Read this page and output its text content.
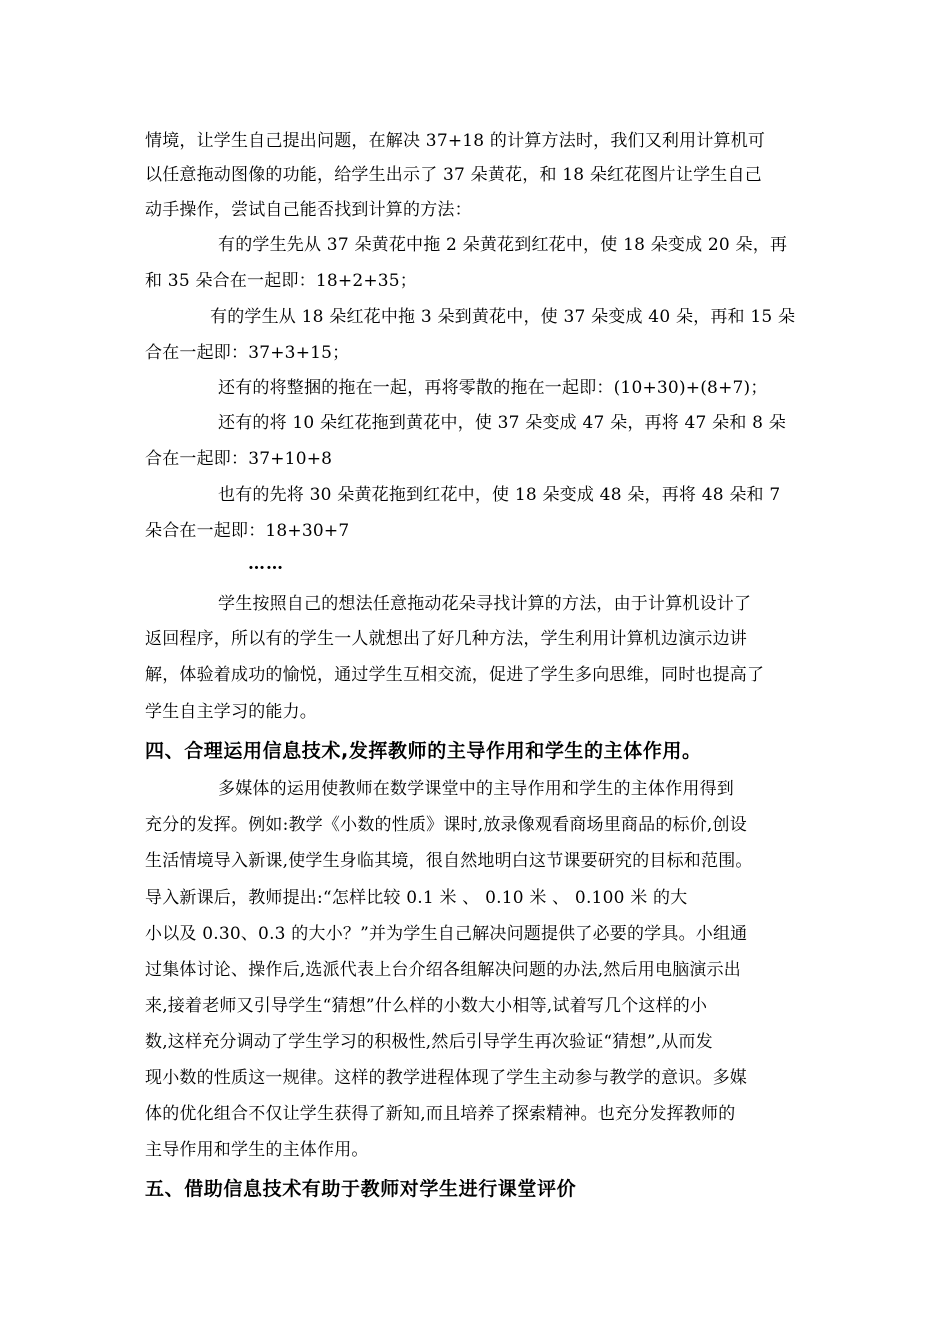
情境，让学生自己提出问题，在解决 37+18 的计算方法时，我们又利用计算机可
以任意拖动图像的功能，给学生出示了 37 朵黄花，和 18 朵红花图片让学生自己
动手操作，尝试自己能否找到计算的方法：
有的学生先从 37 朵黄花中拖 2 朵黄花到红花中，使 18 朵变成 20 朵，再
和 35 朵合在一起即：18+2+35；
有的学生从 18 朵红花中拖 3 朵到黄花中，使 37 朵变成 40 朵，再和 15 朵
合在一起即：37+3+15；
还有的将整捆的拖在一起，再将零散的拖在一起即：(10+30)+(8+7)；
还有的将 10 朵红花拖到黄花中，使 37 朵变成 47 朵，再将 47 朵和 8 朵
合在一起即：37+10+8
也有的先将 30 朵黄花拖到红花中，使 18 朵变成 48 朵，再将 48 朵和 7
朵合在一起即：18+30+7
……
学生按照自己的想法任意拖动花朵寻找计算的方法，由于计算机设计了
返回程序，所以有的学生一人就想出了好几种方法，学生利用计算机边演示边讲
解，体验着成功的愉悦，通过学生互相交流，促进了学生多向思维，同时也提高了
学生自主学习的能力。
四、合理运用信息技术,发挥教师的主导作用和学生的主体作用。
多媒体的运用使教师在数学课堂中的主导作用和学生的主体作用得到
充分的发挥。例如:教学《小数的性质》课时,放录像观看商场里商品的标价,创设
生活情境导入新课,使学生身临其境，很自然地明白这节课要研究的目标和范围。
导入新课后，教师提出:“怎样比较 0.1 米 、 0.10 米 、 0.100 米 的大
小以及 0.30、0.3 的大小？”并为学生自己解决问题提供了必要的学具。小组通
过集体讨论、操作后,选派代表上台介绍各组解决问题的办法,然后用电脑演示出
来,接着老师又引导学生“猜想”什么样的小数大小相等,试着写几个这样的小
数,这样充分调动了学生学习的积极性,然后引导学生再次验证“猜想”,从而发
现小数的性质这一规律。这样的教学进程体现了学生主动参与教学的意识。多媒
体的优化组合不仅让学生获得了新知,而且培养了探索精神。也充分发挥教师的
主导作用和学生的主体作用。
五、借助信息技术有助于教师对学生进行课堂评价
